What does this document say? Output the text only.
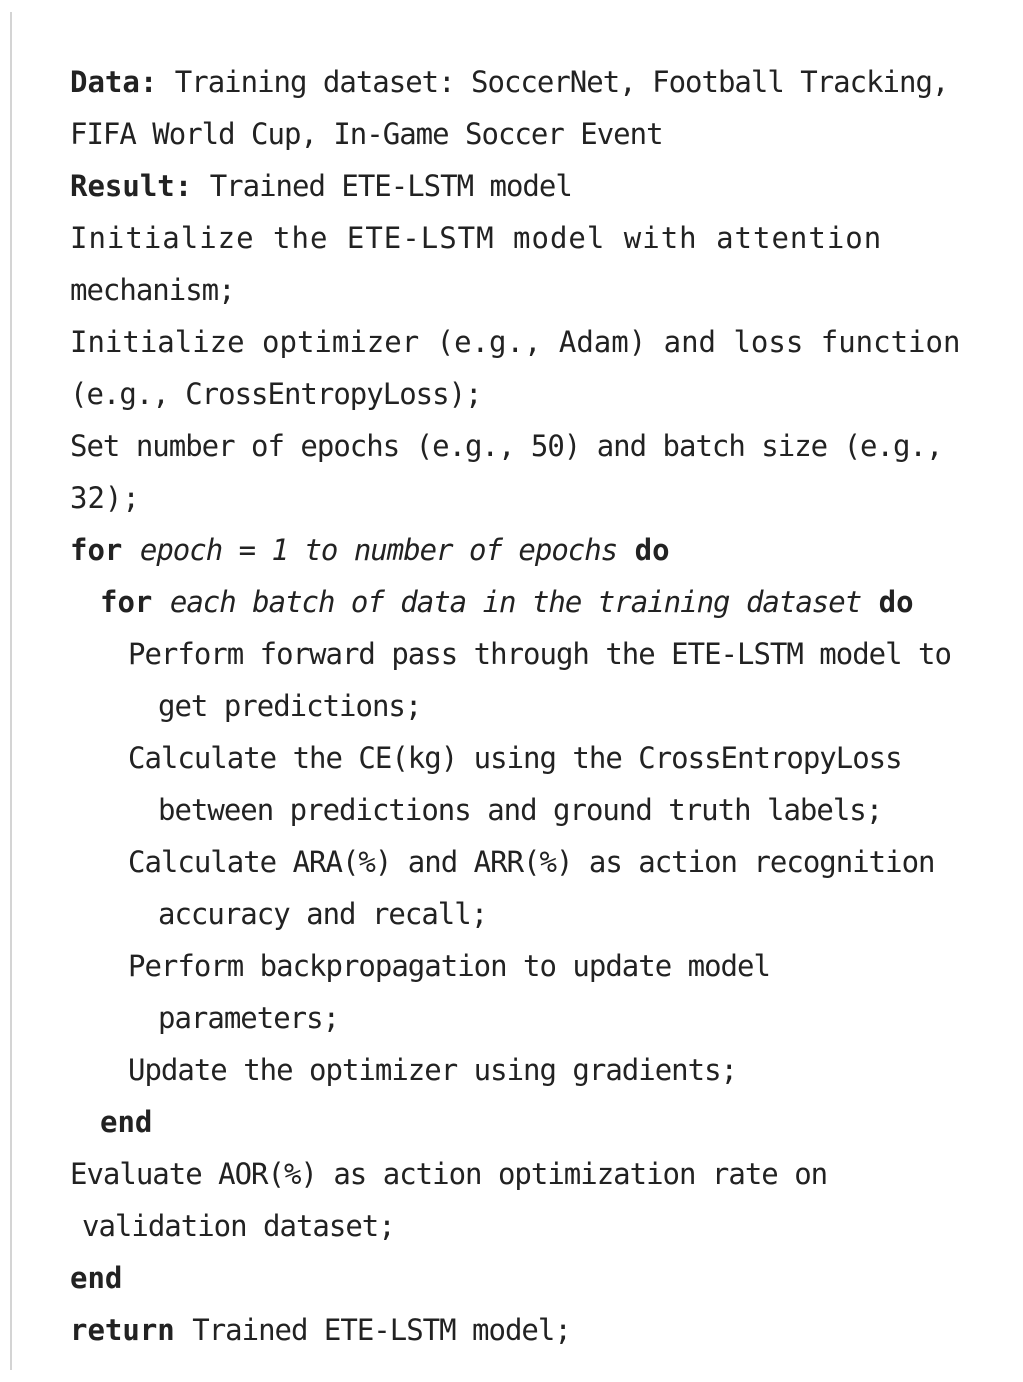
Data: Training dataset: SoccerNet, Football Tracking,
FIFA World Cup, In-Game Soccer Event
Result: Trained ETE-LSTM model
Initialize the ETE-LSTM model with attention
mechanism;
Initialize optimizer (e.g., Adam) and loss function
(e.g., CrossEntropyLoss);
Set number of epochs (e.g., 50) and batch size (e.g.,
32);
for epoch = 1 to number of epochs do
for each batch of data in the training dataset do
Perform forward pass through the ETE-LSTM model to
get predictions;
Calculate the CE(kg) using the CrossEntropyLoss
between predictions and ground truth labels;
Calculate ARA(%) and ARR(%) as action recognition
accuracy and recall;
Perform backpropagation to update model
parameters;
Update the optimizer using gradients;
end
Evaluate AOR(%) as action optimization rate on
validation dataset;
end
return Trained ETE-LSTM model;
